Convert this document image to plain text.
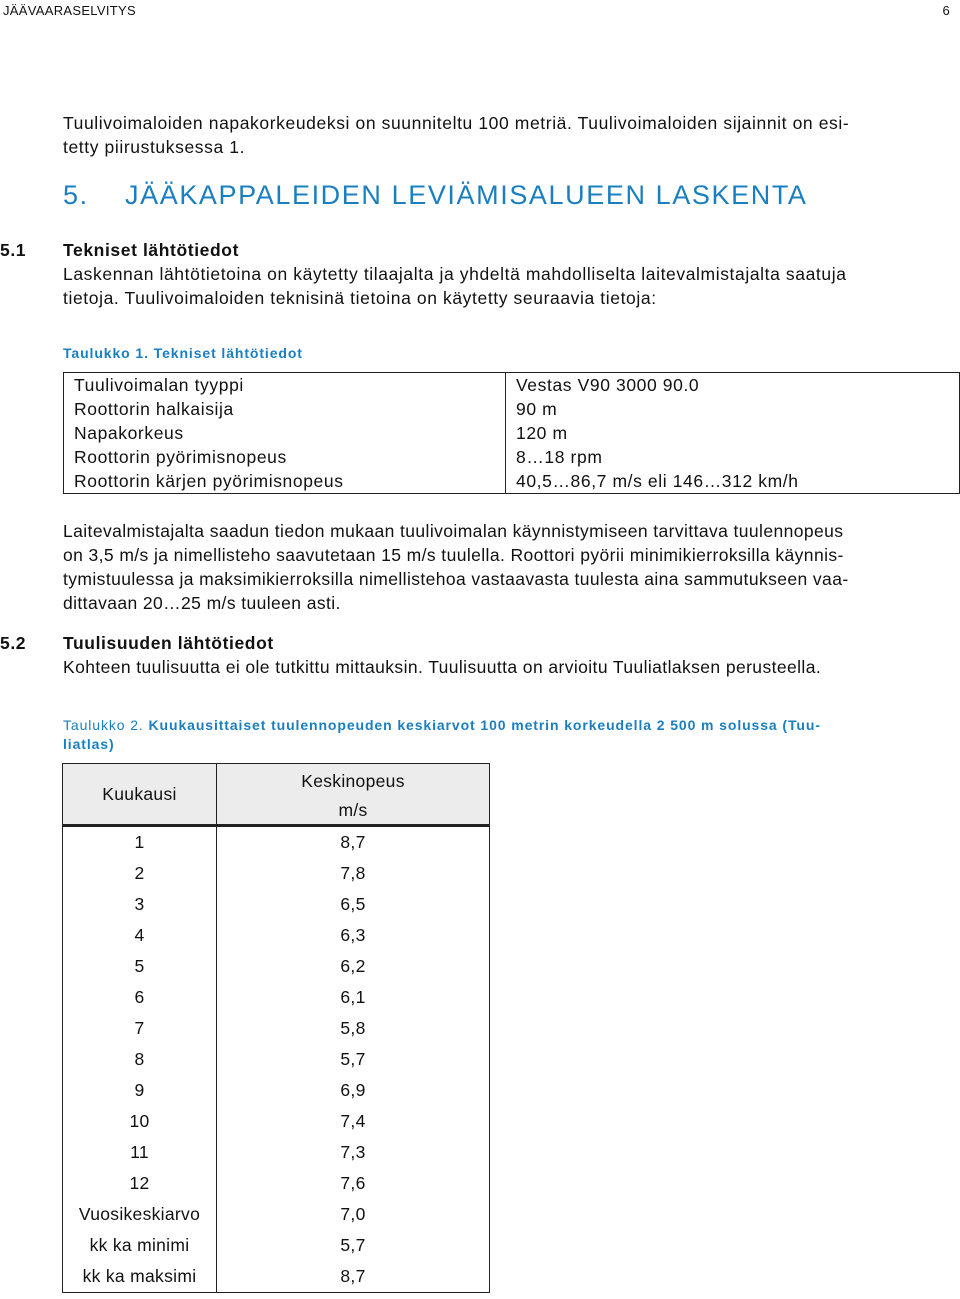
JÄÄVAARASELVITYS	6
Tuulivoimaloiden napakorkeudeksi on suunniteltu 100 metriä. Tuulivoimaloiden sijainnit on esi-
tetty piirustuksessa 1.
5. JÄÄKAPPALEIDEN LEVIÄMISALUEEN LASKENTA
5.1 Tekniset lähtötiedot
Laskennan lähtötietoina on käytetty tilaajalta ja yhdeltä mahdolliselta laitevalmistajalta saatuja
tietoja. Tuulivoimaloiden teknisinä tietoina on käytetty seuraavia tietoja:
Taulukko 1. Tekniset lähtötiedot
Tuulivoimalan tyyppi	Vestas V90 3000 90.0
Roottorin halkaisija	90 m
Napakorkeus	120 m
Roottorin pyörimisnopeus	8…18 rpm
Roottorin kärjen pyörimisnopeus	40,5…86,7 m/s eli 146…312 km/h
Laitevalmistajalta saadun tiedon mukaan tuulivoimalan käynnistymiseen tarvittava tuulennopeus
on 3,5 m/s ja nimellisteho saavutetaan 15 m/s tuulella. Roottori pyörii minimikierroksilla käynnis-
tymistuulessa ja maksimikierroksilla nimellistehoa vastaavasta tuulesta aina sammutukseen vaa-
dittavaan 20…25 m/s tuuleen asti.
5.2 Tuulisuuden lähtötiedot
Kohteen tuulisuutta ei ole tutkittu mittauksin. Tuulisuutta on arvioitu Tuuliatlaksen perusteella.
Taulukko 2. Kuukausittaiset tuulennopeuden keskiarvot 100 metrin korkeudella 2 500 m solussa (Tuu-
liatlas)
Kuukausi	Keskinopeus
m/s

1	8,7
2	7,8
3	6,5
4	6,3
5	6,2
6	6,1
7	5,8
8	5,7
9	6,9
10	7,4
11	7,3
12	7,6
Vuosikeskiarvo	7,0
kk ka minimi	5,7
kk ka maksimi	8,7
